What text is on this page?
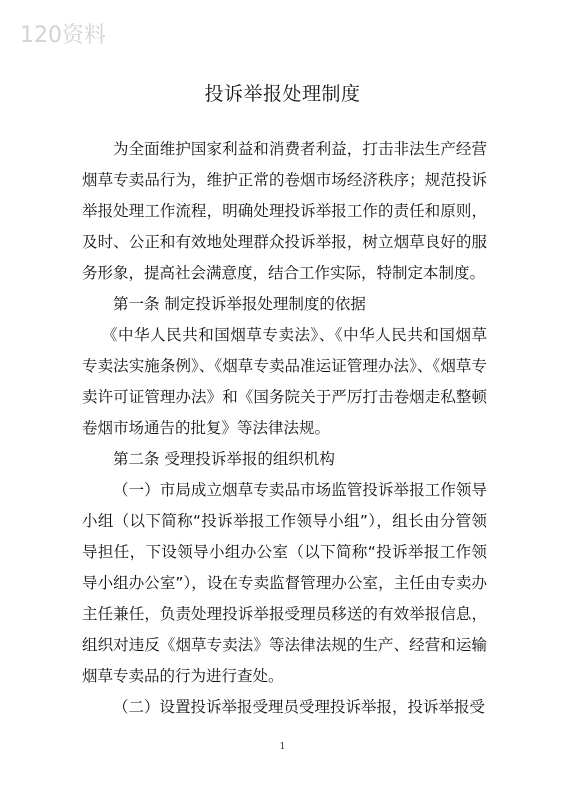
120资料
投诉举报处理制度

为全面维护国家利益和消费者利益，打击非法生产经营烟草专卖品行为，维护正常的卷烟市场经济秩序；规范投诉举报处理工作流程，明确处理投诉举报工作的责任和原则，及时、公正和有效地处理群众投诉举报，树立烟草良好的服务形象，提高社会满意度，结合工作实际，特制定本制度。

第一条 制定投诉举报处理制度的依据

《中华人民共和国烟草专卖法》、《中华人民共和国烟草专卖法实施条例》、《烟草专卖品准运证管理办法》、《烟草专卖许可证管理办法》和《国务院关于严厉打击卷烟走私整顿卷烟市场通告的批复》等法律法规。

第二条 受理投诉举报的组织机构

（一）市局成立烟草专卖品市场监管投诉举报工作领导小组（以下简称“投诉举报工作领导小组”），组长由分管领导担任，下设领导小组办公室（以下简称“投诉举报工作领导小组办公室”），设在专卖监督管理办公室，主任由专卖办主任兼任，负责处理投诉举报受理员移送的有效举报信息，组织对违反《烟草专卖法》等法律法规的生产、经营和运输烟草专卖品的行为进行查处。

（二）设置投诉举报受理员受理投诉举报，投诉举报受

1
